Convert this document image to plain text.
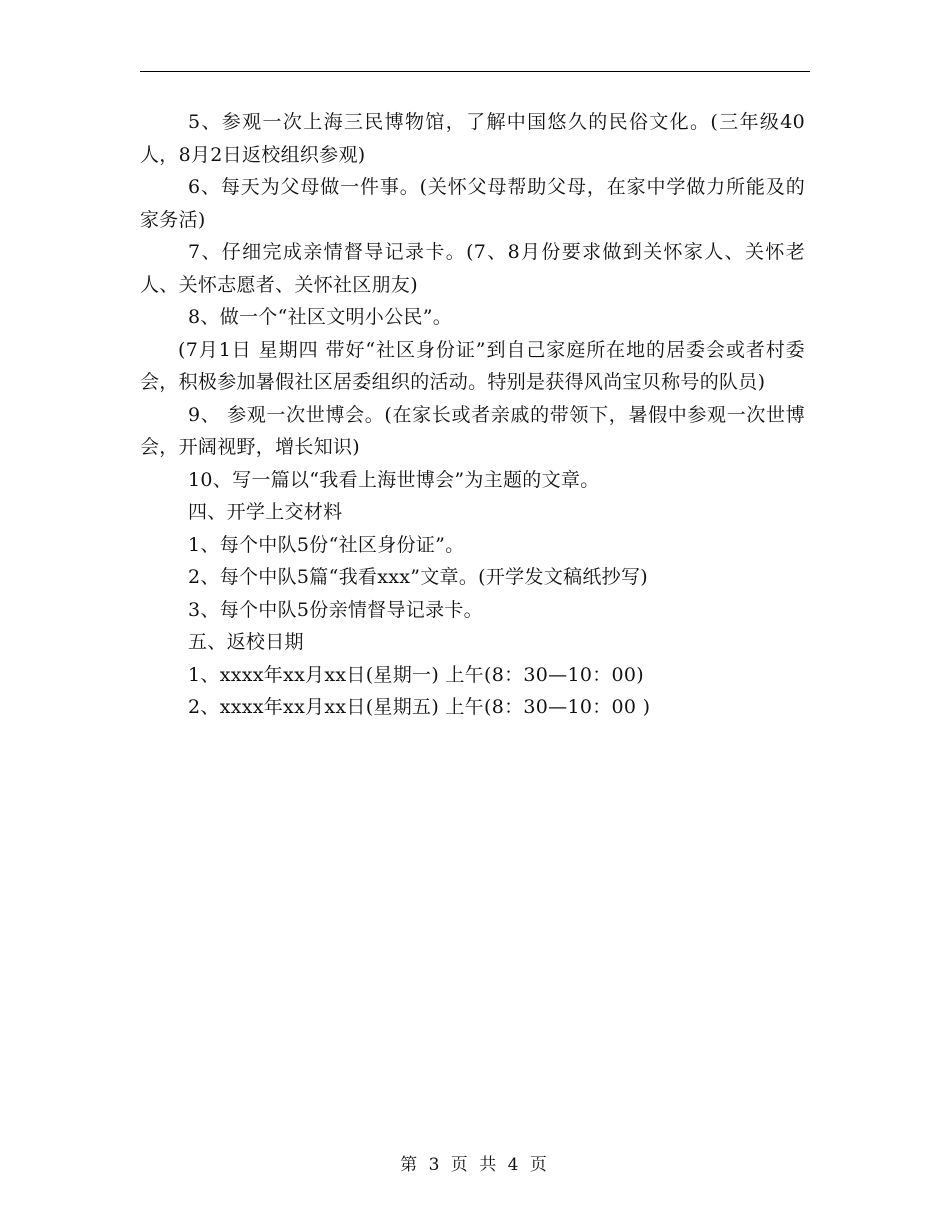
5、参观一次上海三民博物馆，了解中国悠久的民俗文化。(三年级40人，8月2日返校组织参观)

6、每天为父母做一件事。(关怀父母帮助父母，在家中学做力所能及的家务活)

7、仔细完成亲情督导记录卡。(7、8月份要求做到关怀家人、关怀老人、关怀志愿者、关怀社区朋友)

8、做一个“社区文明小公民”。

(7月1日 星期四 带好“社区身份证”到自己家庭所在地的居委会或者村委会，积极参加暑假社区居委组织的活动。特别是获得风尚宝贝称号的队员)

9、 参观一次世博会。(在家长或者亲戚的带领下，暑假中参观一次世博会，开阔视野，增长知识)

10、写一篇以“我看上海世博会”为主题的文章。

四、开学上交材料

1、每个中队5份“社区身份证”。

2、每个中队5篇“我看xxx”文章。(开学发文稿纸抄写)

3、每个中队5份亲情督导记录卡。

五、返校日期

1、xxxx年xx月xx日(星期一) 上午(8：30—10：00)

2、xxxx年xx月xx日(星期五) 上午(8：30—10：00 )

第 3 页 共 4 页
